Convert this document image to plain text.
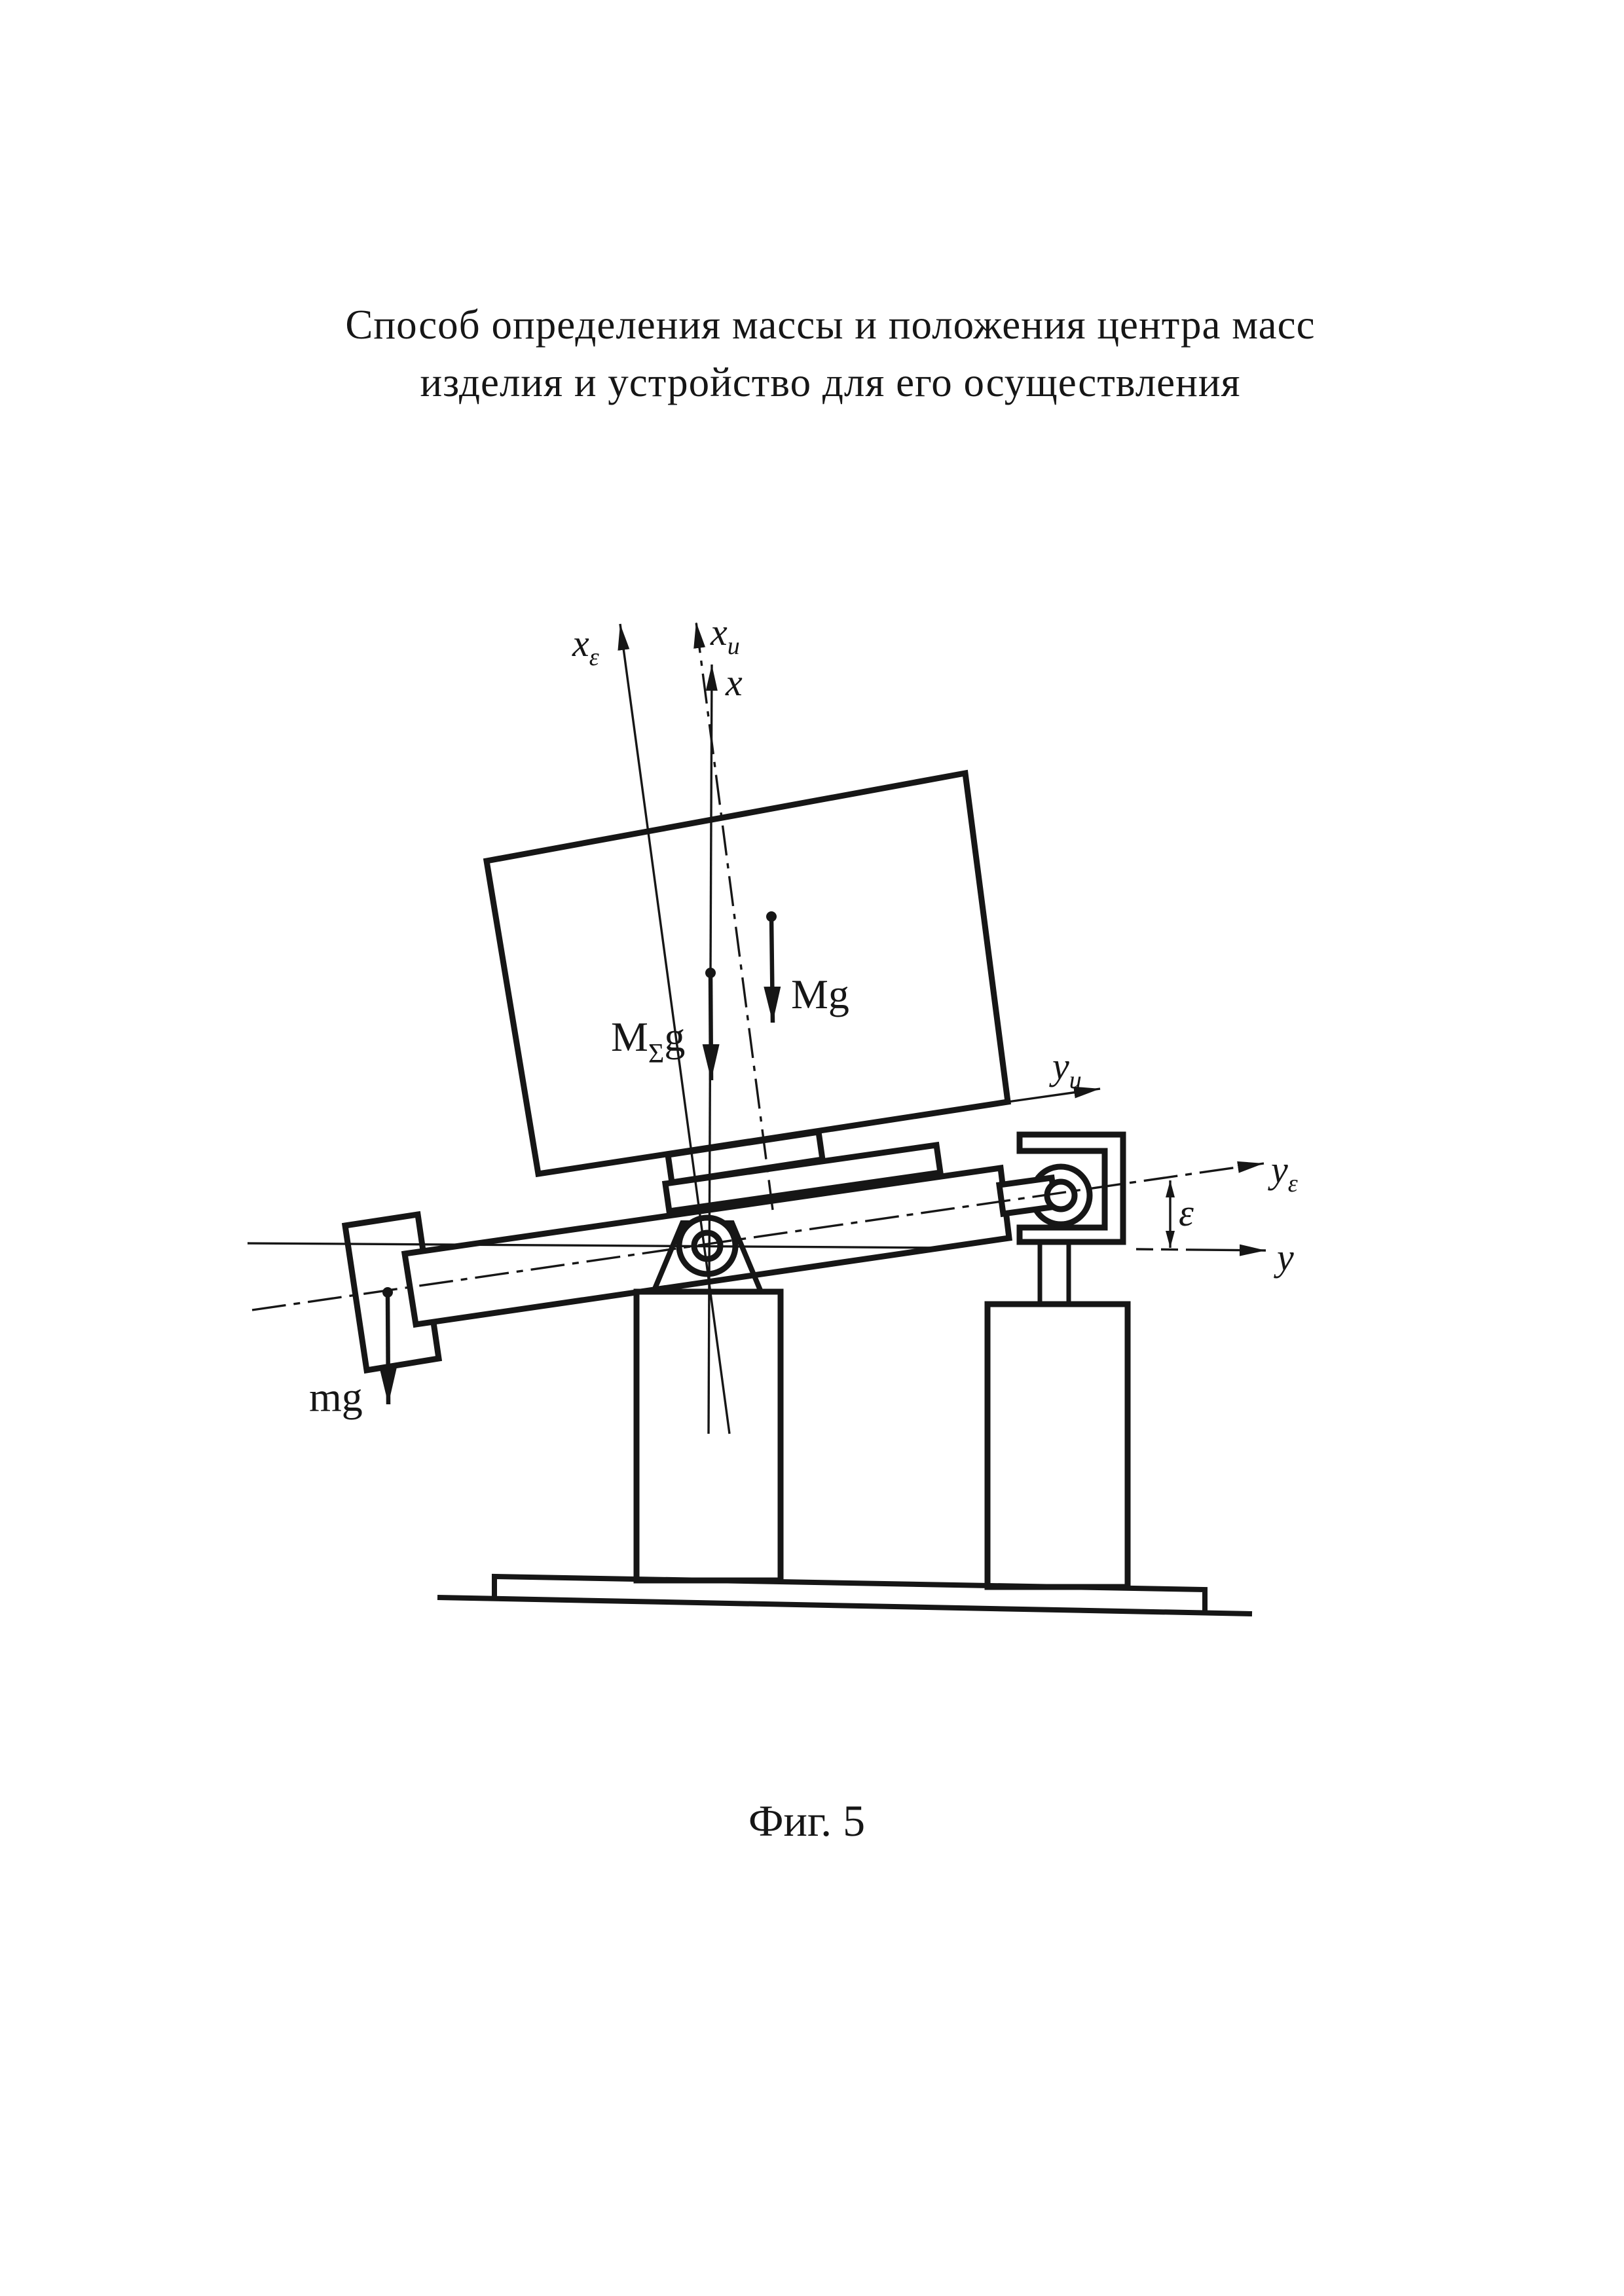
Способ определения массы и положения центра масс
изделия и устройство для его осуществления
$x_\varepsilon$
$x_и$
x
$y_и$
$y_\varepsilon$
y
ε
Mg
$M_\Sigma g$
mg
Фиг. 5
